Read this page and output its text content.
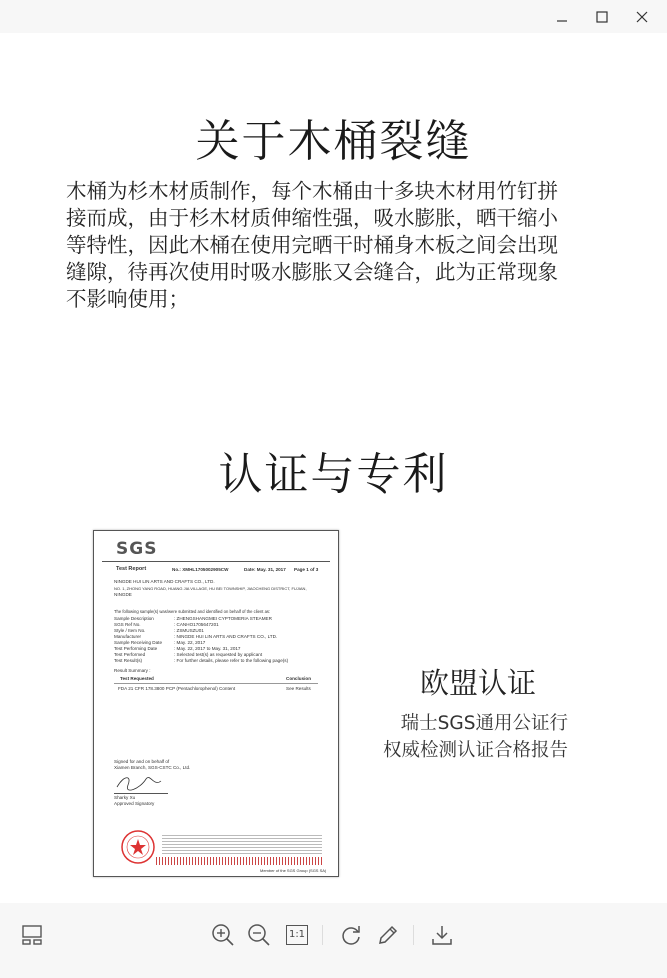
关于木桶裂缝
木桶为杉木材质制作，每个木桶由十多块木材用竹钉拼
接而成，由于杉木材质伸缩性强，吸水膨胀，晒干缩小
等特性，因此木桶在使用完晒干时桶身木板之间会出现
缝隙，待再次使用时吸水膨胀又会缝合，此为正常现象
不影响使用；
认证与专利
SGS
Test Report	No.: XMHL1705002905CW	Date: May. 31, 2017 Page 1 of 3
NINGDE HUI LIN ARTS AND CRAFTS CO., LTD.
NO. 1, ZHONG YANG ROAD, HUANG JIA VILLAGE, HU BEI TOWNSHIP, JIAOCHENG DISTRICT, FUJIAN,
NINGDE
The following sample(s) was/were submitted and identified on behalf of the client as:
Sample Description	: ZHENGSHANGMEI CYPTOMERIA STEAMER
SGS Ref No.	: CANHO1705647201
Style / Item No.	: ZSMUSZU01
Manufacturer	: NINGDE HUI LIN ARTS AND CRAFTS CO., LTD.
Sample Receiving Date	: May. 22, 2017
Test Performing Date	: May. 22, 2017 to May. 31, 2017
Test Performed	: Selected test(s) as requested by applicant
Test Result(s)	: For further details, please refer to the following page(s)
Result Summary :
Test Requested	Conclusion
FDA 21 CFR 178.3800 PCP (Pentachlorophenol) Content	See Results
Signed for and on behalf of
Xiamen Branch, SGS-CSTC Co., Ltd.
Sharky Xu
Approved Signatory
Member of the SGS Group (SGS SA)
欧盟认证
瑞士SGS通用公证行
权威检测认证合格报告
1:1
